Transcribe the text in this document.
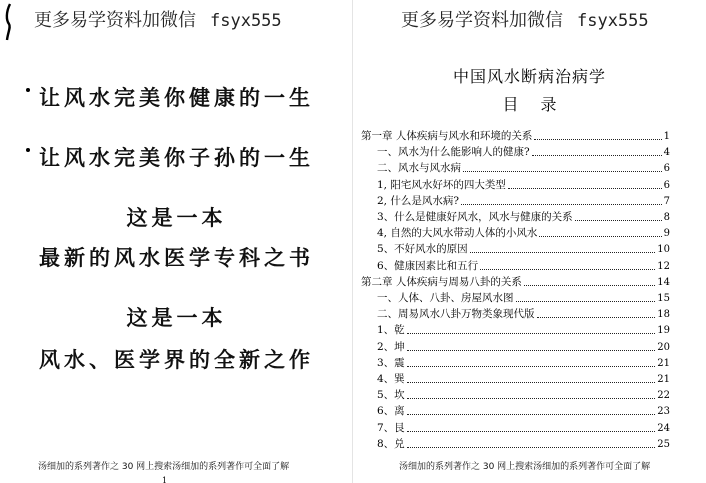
更多易学资料加微信 fsyx555
让风水完美你健康的一生
让风水完美你子孙的一生
这是一本
最新的风水医学专科之书
这是一本
风水、医学界的全新之作
汤细加的系列著作之 30 网上搜索汤细加的系列著作可全面了解
1
更多易学资料加微信 fsyx555
中国风水断病治病学
目录
第一章 人体疾病与风水和环境的关系	1
一、风水为什么能影响人的健康?	4
二、风水与风水病	6
1, 阳宅风水好坏的四大类型	6
2, 什么是风水病?	7
3、什么是健康好风水，风水与健康的关系	8
4, 自然的大风水带动人体的小风水	9
5、不好风水的原因	10
6、健康因素比和五行	12
第二章 人体疾病与周易八卦的关系	14
一、人体、八卦、房屋风水图	15
二、周易风水八卦万物类象现代版	18
1、乾	19
2、坤	20
3、震	21
4、巽	21
5、坎	22
6、离	23
7、艮	24
8、兑	25
汤细加的系列著作之 30 网上搜索汤细加的系列著作可全面了解
